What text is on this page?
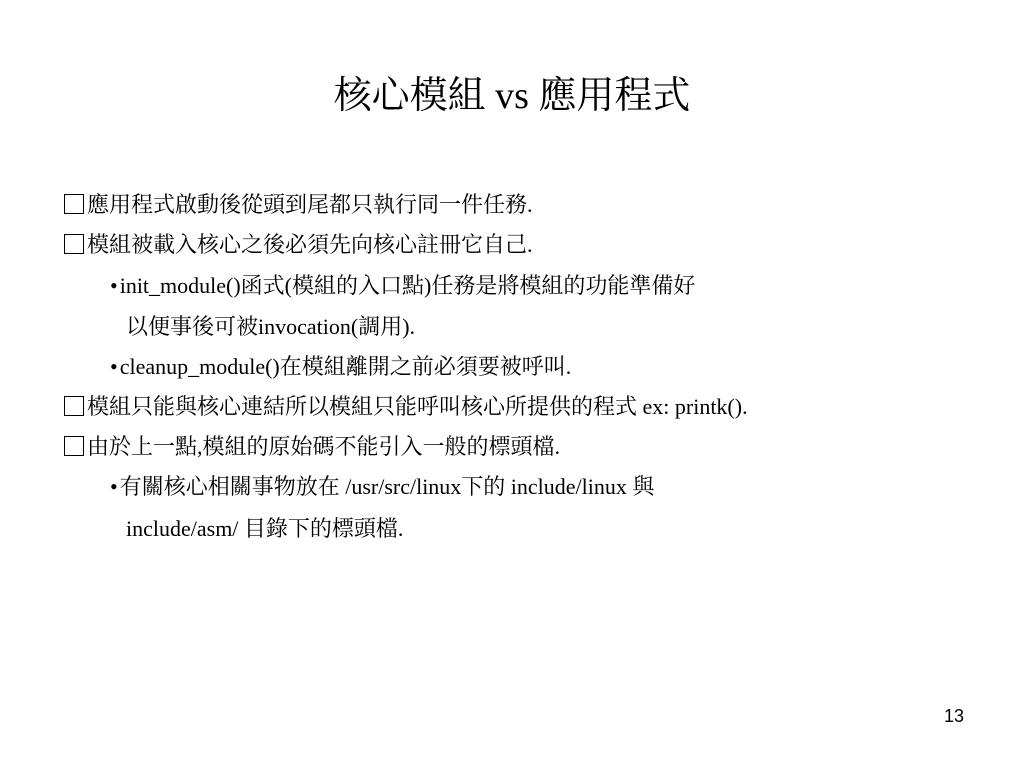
核心模組 vs 應用程式
應用程式啟動後從頭到尾都只執行同一件任務.
模組被載入核心之後必須先向核心註冊它自己.
•init_module()函式(模組的入口點)任務是將模組的功能準備好
以便事後可被invocation(調用).
•cleanup_module()在模組離開之前必須要被呼叫.
模組只能與核心連結所以模組只能呼叫核心所提供的程式 ex: printk().
由於上一點,模組的原始碼不能引入一般的標頭檔.
•有關核心相關事物放在 /usr/src/linux下的 include/linux 與
include/asm/ 目錄下的標頭檔.
13
